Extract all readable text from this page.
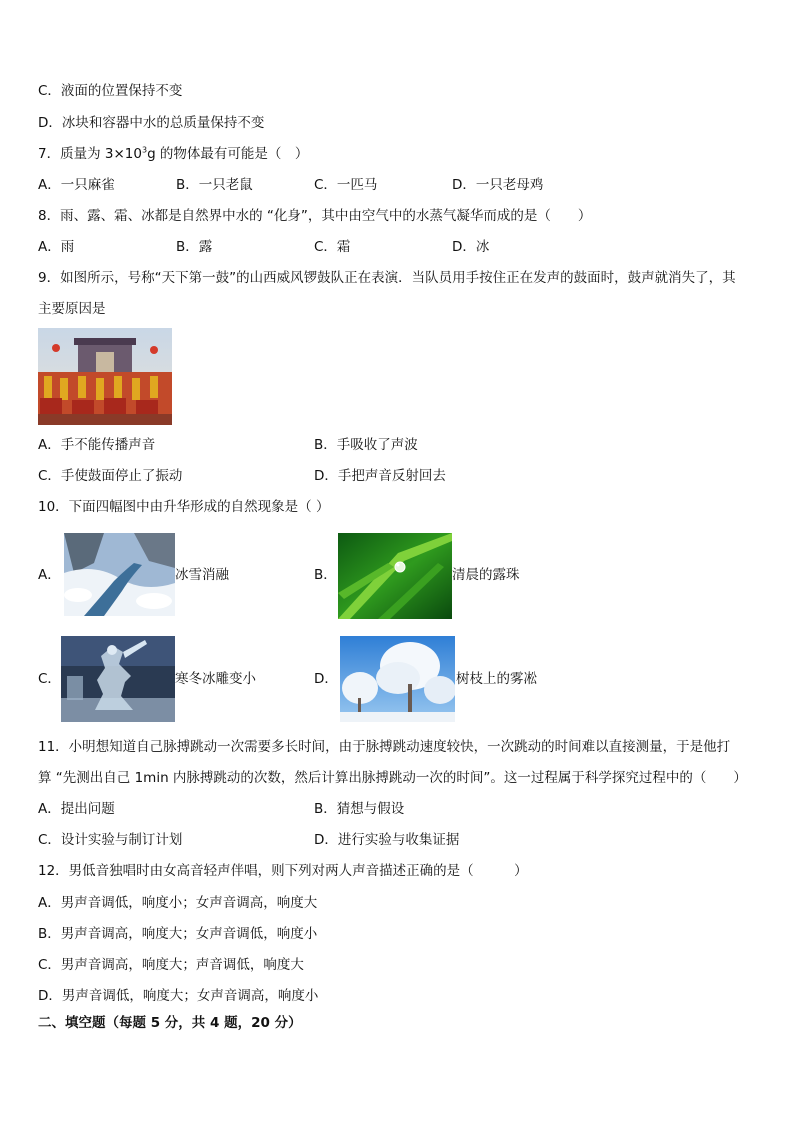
C．液面的位置保持不变
D．冰块和容器中水的总质量保持不变
7．质量为 $3\times 10^3g$ 的物体最有可能是（　）
A．一只麻雀	B．一只老鼠	C．一匹马	D．一只老母鸡
8．雨、露、霜、冰都是自然界中水的 “化身”，其中由空气中的水蒸气凝华而成的是（　　）
A．雨	B．露	C．霜	D．冰
9．如图所示，号称“天下第一鼓”的山西威风锣鼓队正在表演．当队员用手按住正在发声的鼓面时，鼓声就消失了，其
主要原因是
A．手不能传播声音	B．手吸收了声波
C．手使鼓面停止了振动	D．手把声音反射回去
10．下面四幅图中由升华形成的自然现象是（ ）
A．	冰雪消融	B．	清晨的露珠
C．	寒冬冰雕变小	D．	树枝上的雾凇
11．小明想知道自己脉搏跳动一次需要多长时间，由于脉搏跳动速度较快，一次跳动的时间难以直接测量，于是他打
算 “先测出自己 1min 内脉搏跳动的次数，然后计算出脉搏跳动一次的时间”。这一过程属于科学探究过程中的（　　）
A．提出问题	B．猜想与假设
C．设计实验与制订计划	D．进行实验与收集证据
12．男低音独唱时由女高音轻声伴唱，则下列对两人声音描述正确的是（　　　）
A．男声音调低，响度小；女声音调高，响度大
B．男声音调高，响度大；女声音调低，响度小
C．男声音调高，响度大；声音调低，响度大
D．男声音调低，响度大；女声音调高，响度小
二、填空题（每题 5 分，共 4 题，20 分）
